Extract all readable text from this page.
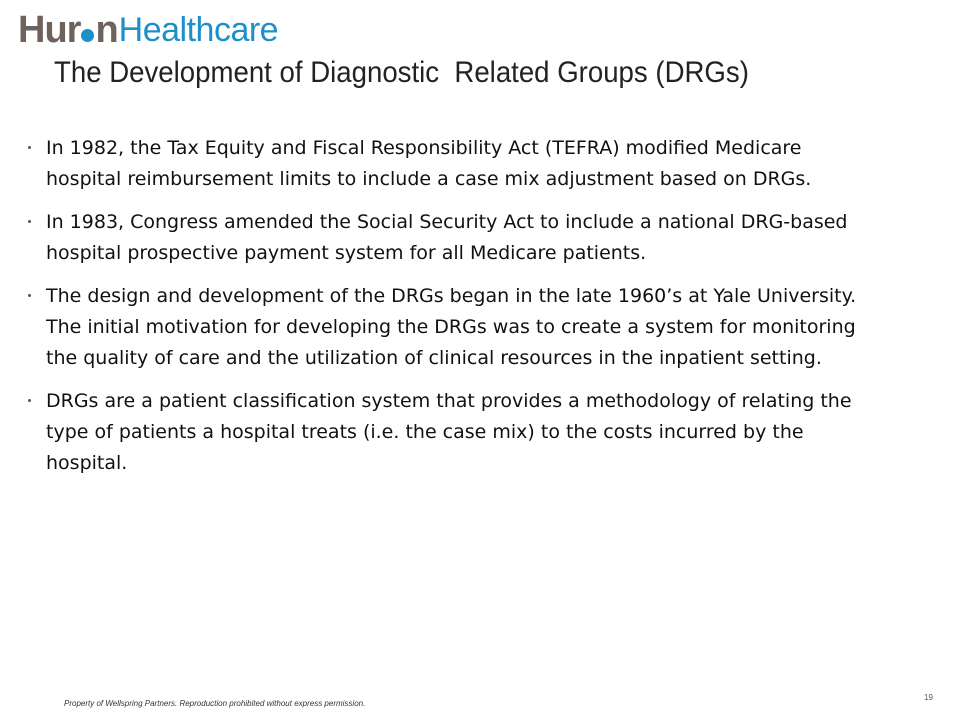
Hur n Healthcare
The Development of Diagnostic  Related Groups (DRGs)
In 1982, the Tax Equity and Fiscal Responsibility Act (TEFRA) modified Medicare hospital reimbursement limits to include a case mix adjustment based on DRGs.
In 1983, Congress amended the Social Security Act to include a national DRG-based hospital prospective payment system for all Medicare patients.
The design and development of the DRGs began in the late 1960’s at Yale University. The initial motivation for developing the DRGs was to create a system for monitoring the quality of care and the utilization of clinical resources in the inpatient setting.
DRGs are a patient classification system that provides a methodology of relating the type of patients a hospital treats (i.e. the case mix) to the costs incurred by the hospital.
Property of Wellspring Partners. Reproduction prohibited without express permission.
19
